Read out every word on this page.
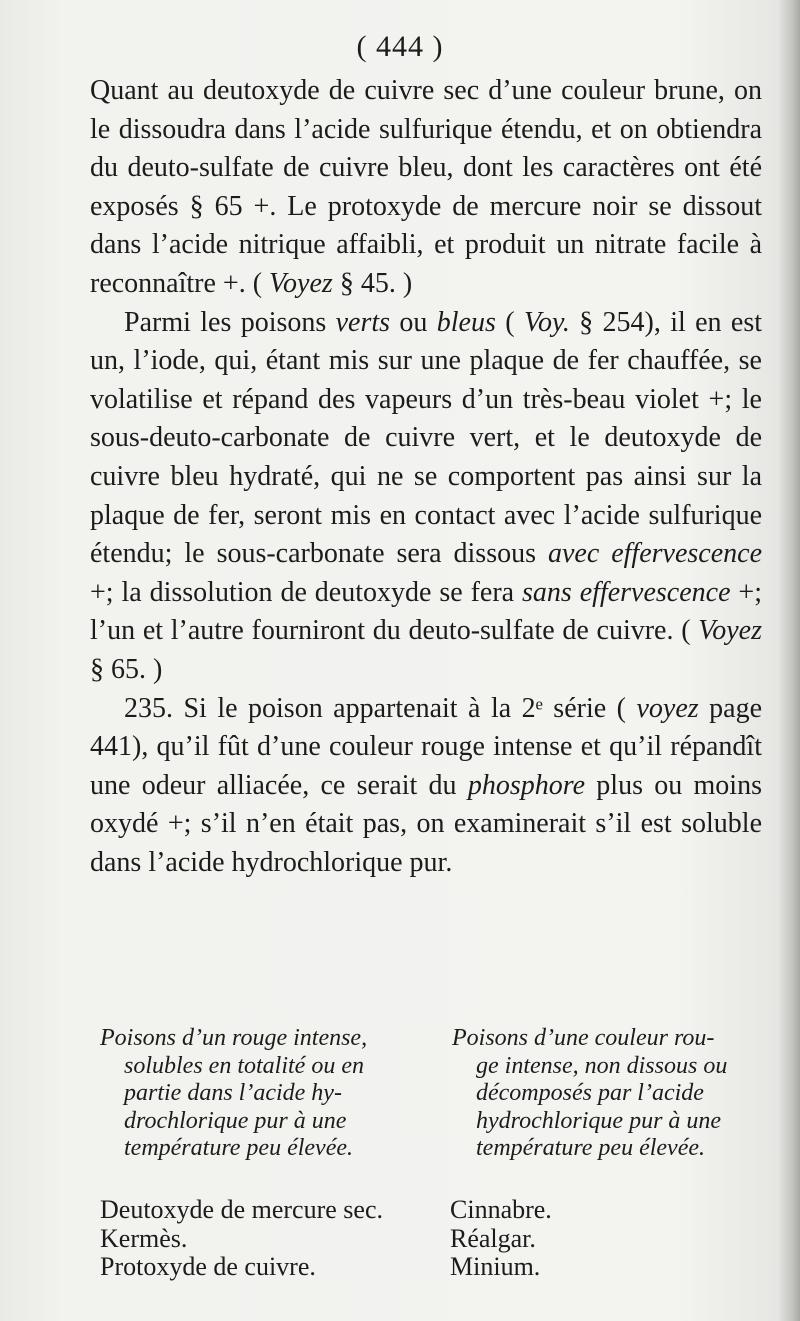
( 444 )

Quant au deutoxyde de cuivre sec d’une couleur brune, on le dissoudra dans l’acide sulfurique étendu, et on obtiendra du deuto-sulfate de cuivre bleu, dont les caractères ont été exposés § 65 +. Le protoxyde de mercure noir se dissout dans l’acide nitrique affaibli, et produit un nitrate facile à reconnaître +. ( Voyez § 45. )

Parmi les poisons verts ou bleus ( Voy. § 254), il en est un, l’iode, qui, étant mis sur une plaque de fer chauffée, se volatilise et répand des vapeurs d’un très-beau violet +; le sous-deuto-carbonate de cuivre vert, et le deutoxyde de cuivre bleu hydraté, qui ne se comportent pas ainsi sur la plaque de fer, seront mis en contact avec l’acide sulfurique étendu; le sous-carbonate sera dissous avec effervescence +; la dissolution de deutoxyde se fera sans effervescence +; l’un et l’autre fourniront du deuto-sulfate de cuivre. ( Voyez § 65. )

235. Si le poison appartenait à la 2ᵉ série ( voyez page 441), qu’il fût d’une couleur rouge intense et qu’il répandît une odeur alliacée, ce serait du phosphore plus ou moins oxydé +; s’il n’en était pas, on examinerait s’il est soluble dans l’acide hydrochlorique pur.

Poisons d’un rouge intense,
solubles en totalité ou en
partie dans l’acide hy-
drochlorique pur à une
température peu élevée.
Poisons d’une couleur rou-
ge intense, non dissous ou
décomposés par l’acide
hydrochlorique pur à une
température peu élevée.
Deutoxyde de mercure sec.
Kermès.
Protoxyde de cuivre.
Cinnabre.
Réalgar.
Minium.
